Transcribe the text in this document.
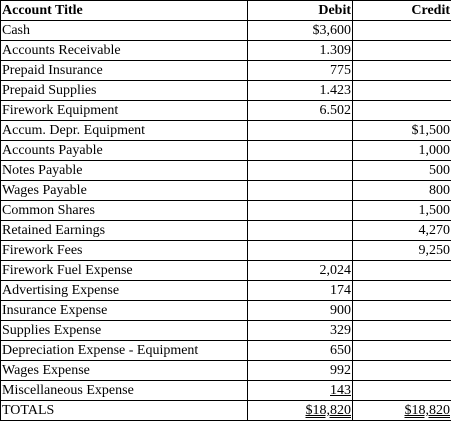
Account Title	Debit	Credit
Cash	$3,600	
Accounts Receivable	1.309	
Prepaid Insurance	775	
Prepaid Supplies	1.423	
Firework Equipment	6.502	
Accum. Depr. Equipment		$1,500
Accounts Payable		1,000
Notes Payable		500
Wages Payable		800
Common Shares		1,500
Retained Earnings		4,270
Firework Fees		9,250
Firework Fuel Expense	2,024	
Advertising Expense	174	
Insurance Expense	900	
Supplies Expense	329	
Depreciation Expense - Equipment	650	
Wages Expense	992	
Miscellaneous Expense	143	
TOTALS	$18,820	$18,820
